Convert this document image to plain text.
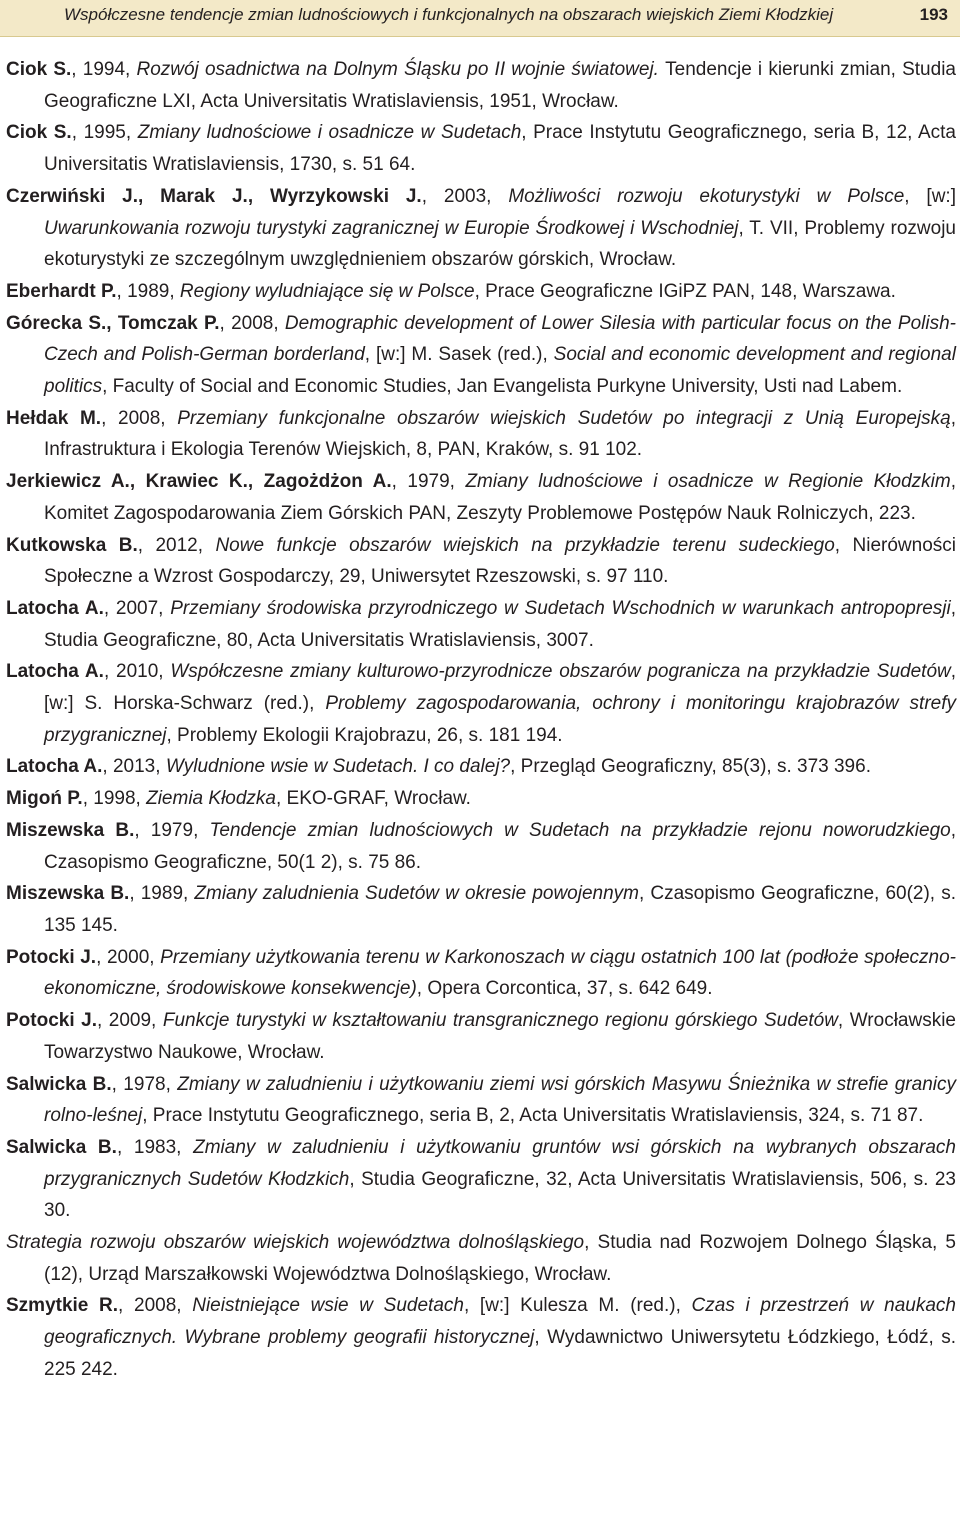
Współczesne tendencje zmian ludnościowych i funkcjonalnych na obszarach wiejskich Ziemi Kłodzkiej	193

Ciok S., 1994, Rozwój osadnictwa na Dolnym Śląsku po II wojnie światowej. Tendencje i kierunki zmian, Studia Geograficzne LXI, Acta Universitatis Wratislaviensis, 1951, Wrocław.

Ciok S., 1995, Zmiany ludnościowe i osadnicze w Sudetach, Prace Instytutu Geograficznego, seria B, 12, Acta Universitatis Wratislaviensis, 1730, s. 51 64.

Czerwiński J., Marak J., Wyrzykowski J., 2003, Możliwości rozwoju ekoturystyki w Polsce, [w:] Uwarunkowania rozwoju turystyki zagranicznej w Europie Środkowej i Wschodniej, T. VII, Problemy rozwoju ekoturystyki ze szczególnym uwzględnieniem obszarów górskich, Wrocław.

Eberhardt P., 1989, Regiony wyludniające się w Polsce, Prace Geograficzne IGiPZ PAN, 148, Warszawa.

Górecka S., Tomczak P., 2008, Demographic development of Lower Silesia with particular focus on the Polish-Czech and Polish-German borderland, [w:] M. Sasek (red.), Social and economic development and regional politics, Faculty of Social and Economic Studies, Jan Evangelista Purkyne University, Usti nad Labem.

Hełdak M., 2008, Przemiany funkcjonalne obszarów wiejskich Sudetów po integracji z Unią Europejską, Infrastruktura i Ekologia Terenów Wiejskich, 8, PAN, Kraków, s. 91 102.

Jerkiewicz A., Krawiec K., Zagożdżon A., 1979, Zmiany ludnościowe i osadnicze w Regionie Kłodzkim, Komitet Zagospodarowania Ziem Górskich PAN, Zeszyty Problemowe Postępów Nauk Rolniczych, 223.

Kutkowska B., 2012, Nowe funkcje obszarów wiejskich na przykładzie terenu sudeckiego, Nierówności Społeczne a Wzrost Gospodarczy, 29, Uniwersytet Rzeszowski, s. 97 110.

Latocha A., 2007, Przemiany środowiska przyrodniczego w Sudetach Wschodnich w warunkach antropopresji, Studia Geograficzne, 80, Acta Universitatis Wratislaviensis, 3007.

Latocha A., 2010, Współczesne zmiany kulturowo-przyrodnicze obszarów pogranicza na przykładzie Sudetów, [w:] S. Horska-Schwarz (red.), Problemy zagospodarowania, ochrony i monitoringu krajobrazów strefy przygranicznej, Problemy Ekologii Krajobrazu, 26, s. 181 194.

Latocha A., 2013, Wyludnione wsie w Sudetach. I co dalej?, Przegląd Geograficzny, 85(3), s. 373 396.

Migoń P., 1998, Ziemia Kłodzka, EKO-GRAF, Wrocław.

Miszewska B., 1979, Tendencje zmian ludnościowych w Sudetach na przykładzie rejonu noworudzkiego, Czasopismo Geograficzne, 50(1 2), s. 75 86.

Miszewska B., 1989, Zmiany zaludnienia Sudetów w okresie powojennym, Czasopismo Geograficzne, 60(2), s. 135 145.

Potocki J., 2000, Przemiany użytkowania terenu w Karkonoszach w ciągu ostatnich 100 lat (podłoże społeczno-ekonomiczne, środowiskowe konsekwencje), Opera Corcontica, 37, s. 642 649.

Potocki J., 2009, Funkcje turystyki w kształtowaniu transgranicznego regionu górskiego Sudetów, Wrocławskie Towarzystwo Naukowe, Wrocław.

Salwicka B., 1978, Zmiany w zaludnieniu i użytkowaniu ziemi wsi górskich Masywu Śnieżnika w strefie granicy rolno-leśnej, Prace Instytutu Geograficznego, seria B, 2, Acta Universitatis Wratislaviensis, 324, s. 71 87.

Salwicka B., 1983, Zmiany w zaludnieniu i użytkowaniu gruntów wsi górskich na wybranych obszarach przygranicznych Sudetów Kłodzkich, Studia Geograficzne, 32, Acta Universitatis Wratislaviensis, 506, s. 23 30.

Strategia rozwoju obszarów wiejskich województwa dolnośląskiego, Studia nad Rozwojem Dolnego Śląska, 5 (12), Urząd Marszałkowski Województwa Dolnośląskiego, Wrocław.

Szmytkie R., 2008, Nieistniejące wsie w Sudetach, [w:] Kulesza M. (red.), Czas i przestrzeń w naukach geograficznych. Wybrane problemy geografii historycznej, Wydawnictwo Uniwersytetu Łódzkiego, Łódź, s. 225 242.
